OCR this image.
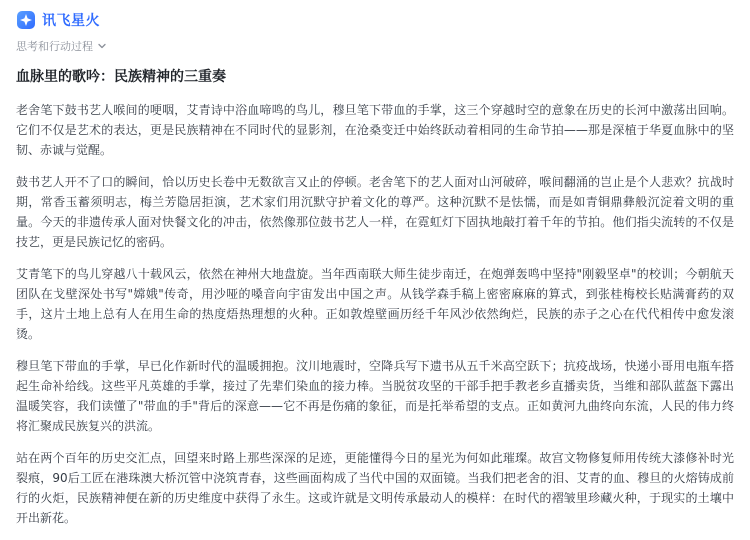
讯飞星火
思考和行动过程
血脉里的歌吟：民族精神的三重奏

老舍笔下鼓书艺人喉间的哽咽，艾青诗中浴血啼鸣的鸟儿，穆旦笔下带血的手掌，这三个穿越时空的意象在历史的长河中激荡出回响。它们不仅是艺术的表达，更是民族精神在不同时代的显影剂，在沧桑变迁中始终跃动着相同的生命节拍——那是深植于华夏血脉中的坚韧、赤诚与觉醒。

鼓书艺人开不了口的瞬间，恰以历史长卷中无数欲言又止的停顿。老舍笔下的艺人面对山河破碎，喉间翻涌的岂止是个人悲欢？抗战时期，常香玉蓄须明志，梅兰芳隐居拒演，艺术家们用沉默守护着文化的尊严。这种沉默不是怯懦，而是如青铜鼎彝般沉淀着文明的重量。今天的非遗传承人面对快餐文化的冲击，依然像那位鼓书艺人一样，在霓虹灯下固执地敲打着千年的节拍。他们指尖流转的不仅是技艺，更是民族记忆的密码。

艾青笔下的鸟儿穿越八十载风云，依然在神州大地盘旋。当年西南联大师生徒步南迁，在炮弹轰鸣中坚持"刚毅坚卓"的校训；今朝航天团队在戈壁深处书写"嫦娥"传奇，用沙哑的嗓音向宇宙发出中国之声。从钱学森手稿上密密麻麻的算式，到张桂梅校长贴满膏药的双手，这片土地上总有人在用生命的热度焐热理想的火种。正如敦煌壁画历经千年风沙依然绚烂，民族的赤子之心在代代相传中愈发滚烫。

穆旦笔下带血的手掌，早已化作新时代的温暖拥抱。汶川地震时，空降兵写下遗书从五千米高空跃下；抗疫战场，快递小哥用电瓶车搭起生命补给线。这些平凡英雄的手掌，接过了先辈们染血的接力棒。当脱贫攻坚的干部手把手教老乡直播卖货，当维和部队蓝盔下露出温暖笑容，我们读懂了"带血的手"背后的深意——它不再是伤痛的象征，而是托举希望的支点。正如黄河九曲终向东流，人民的伟力终将汇聚成民族复兴的洪流。

站在两个百年的历史交汇点，回望来时路上那些深深的足迹，更能懂得今日的星光为何如此璀璨。故宫文物修复师用传统大漆修补时光裂痕，90后工匠在港珠澳大桥沉管中浇筑青春，这些画面构成了当代中国的双面镜。当我们把老舍的泪、艾青的血、穆旦的火熔铸成前行的火炬，民族精神便在新的历史维度中获得了永生。这或许就是文明传承最动人的模样：在时代的褶皱里珍藏火种，于现实的土壤中开出新花。
